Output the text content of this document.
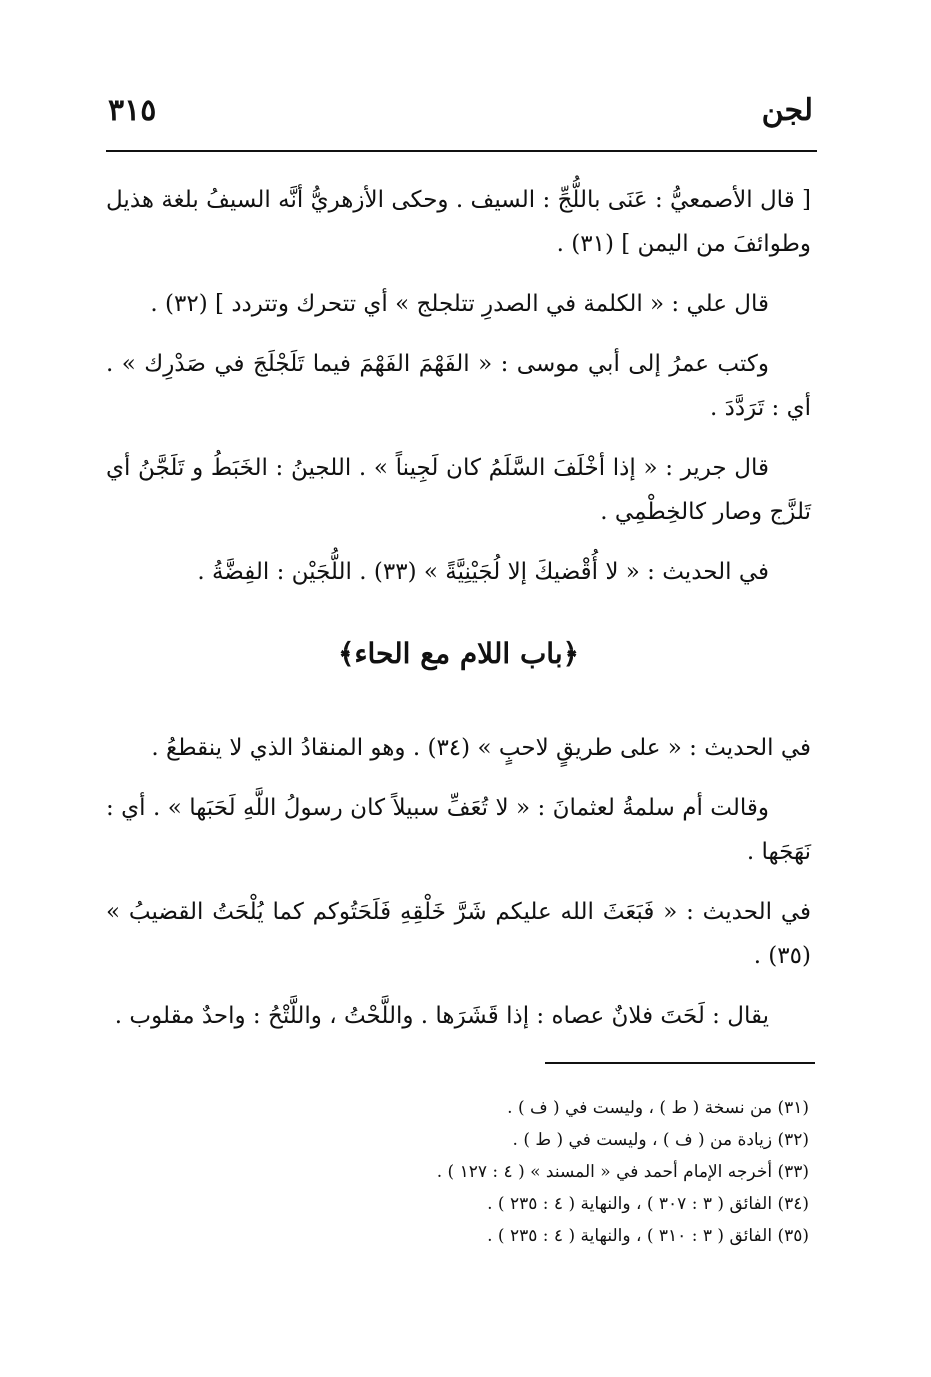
لجن
٣١٥

[ قال الأصمعيُّ : عَنَى باللُّجِّ : السيف . وحكى الأزهريُّ أنَّه السيفُ بلغة هذيل وطوائفَ من اليمن ] (٣١) .

قال علي : « الكلمة في الصدرِ تتلجلج » أي تتحرك وتتردد ] (٣٢) .

وكتب عمرُ إلى أبي موسى : « الفَهْمَ الفَهْمَ فيما تَلَجْلَجَ في صَدْرِك » . أي : تَرَدَّدَ .

قال جرير : « إذا أخْلَفَ السَّلَمُ كان لَجِيناً » . اللجينُ : الخَبَطُ و تَلَجَّنُ أي تَلزَّج وصار كالخِطْمِي .

في الحديث : « لا أُقْضيكَ إلا لُجَيْنِيَّةً » (٣٣) . اللُّجَيْن : الفِضَّةُ .

﴿باب اللام مع الحاء﴾

في الحديث : « على طريقٍ لاحبٍ » (٣٤) . وهو المنقادُ الذي لا ينقطعُ .

وقالت أم سلمةُ لعثمانَ : « لا تُعَفِّ سبيلاً كان رسولُ اللَّهِ لَحَبَها » . أي : نَهَجَها .

في الحديث : « فَبَعَثَ الله عليكم شَرَّ خَلْقِهِ فَلَحَتُوكم كما يُلْحَتُ القضيبُ » (٣٥) .

يقال : لَحَتَ فلانٌ عصاه : إذا قَشَرَها . واللَّحْتُ ، واللَّتْحُ : واحدٌ مقلوب .

(٣١) من نسخة ( ط ) ، وليست في ( ف ) .
(٣٢) زيادة من ( ف ) ، وليست في ( ط ) .
(٣٣) أخرجه الإمام أحمد في « المسند » ( ٤ : ١٢٧ ) .
(٣٤) الفائق ( ٣ : ٣٠٧ ) ، والنهاية ( ٤ : ٢٣٥ ) .
(٣٥) الفائق ( ٣ : ٣١٠ ) ، والنهاية ( ٤ : ٢٣٥ ) .
